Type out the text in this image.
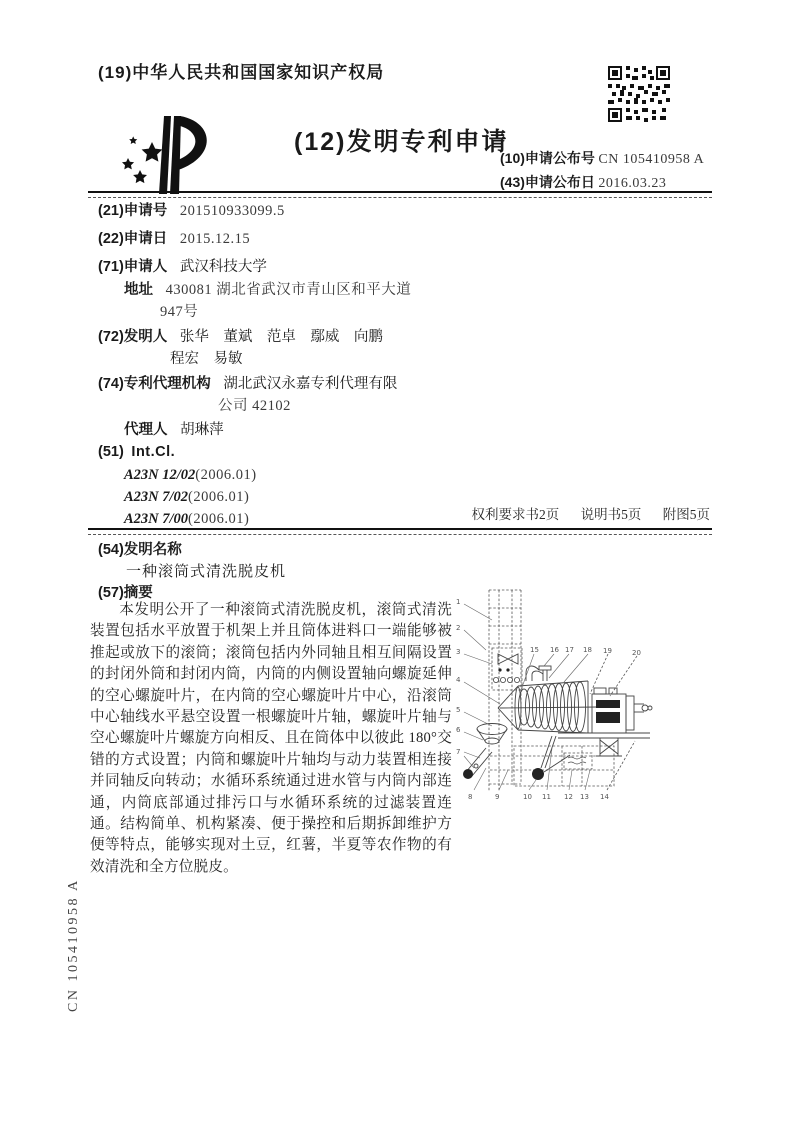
(19)中华人民共和国国家知识产权局
(12)发明专利申请
(10)申请公布号 CN 105410958 A
(43)申请公布日 2016.03.23
(21)申请号 201510933099.5
(22)申请日 2015.12.15
(71)申请人 武汉科技大学
地址 430081 湖北省武汉市青山区和平大道
947号
(72)发明人 张华　董斌　范卓　鄢威　向鹏
程宏　易敏
(74)专利代理机构 湖北武汉永嘉专利代理有限
公司 42102
代理人 胡琳萍
(51) Int.Cl.
A23N 12/02(2006.01)
A23N 7/02(2006.01)
A23N 7/00(2006.01)	权利要求书2页 说明书5页 附图5页
(54)发明名称
一种滚筒式清洗脱皮机
(57)摘要
本发明公开了一种滚筒式清洗脱皮机，滚筒式清洗装置包括水平放置于机架上并且筒体进料口一端能够被推起或放下的滚筒；滚筒包括内外同轴且相互间隔设置的封闭外筒和封闭内筒，内筒的内侧设置轴向螺旋延伸的空心螺旋叶片，在内筒的空心螺旋叶片中心，沿滚筒中心轴线水平悬空设置一根螺旋叶片轴，螺旋叶片轴与空心螺旋叶片螺旋方向相反、且在筒体中以彼此 180°交错的方式设置；内筒和螺旋叶片轴均与动力装置相连接并同轴反向转动；水循环系统通过进水管与内筒内部连通，内筒底部通过排污口与水循环系统的过滤装置连通。结构简单、机构紧凑、便于操控和后期拆卸维护方便等特点，能够实现对土豆，红薯，半夏等农作物的有效清洗和全方位脱皮。
1
2
3
4
5
6
7
15 16 17 18 19	20
8	9	10 11 12 13 14
CN 105410958 A
